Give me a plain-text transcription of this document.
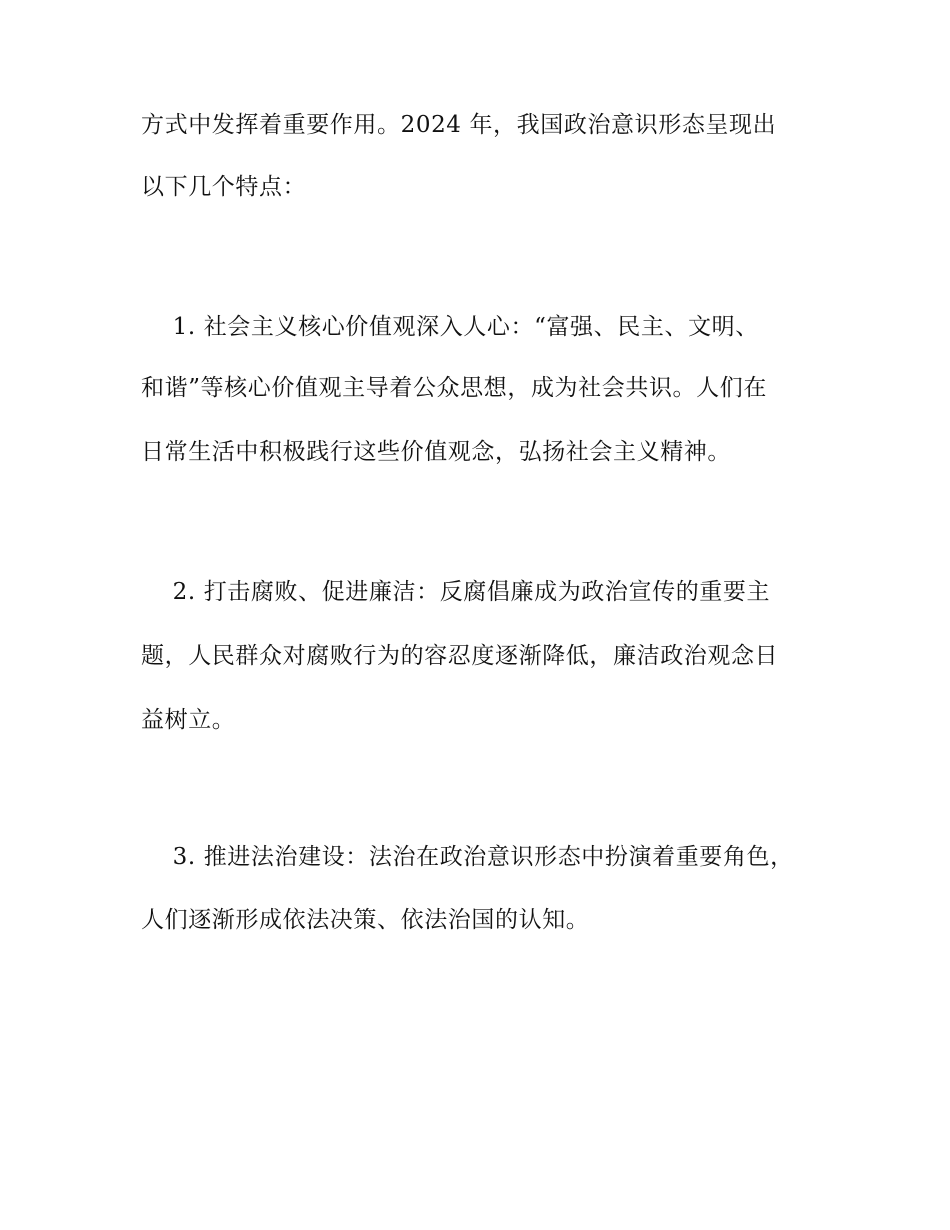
方式中发挥着重要作用。2024 年，我国政治意识形态呈现出
以下几个特点：
1. 社会主义核心价值观深入人心：“富强、民主、文明、
和谐”等核心价值观主导着公众思想，成为社会共识。人们在
日常生活中积极践行这些价值观念，弘扬社会主义精神。
2. 打击腐败、促进廉洁：反腐倡廉成为政治宣传的重要主
题，人民群众对腐败行为的容忍度逐渐降低，廉洁政治观念日
益树立。
3. 推进法治建设：法治在政治意识形态中扮演着重要角色，
人们逐渐形成依法决策、依法治国的认知。
